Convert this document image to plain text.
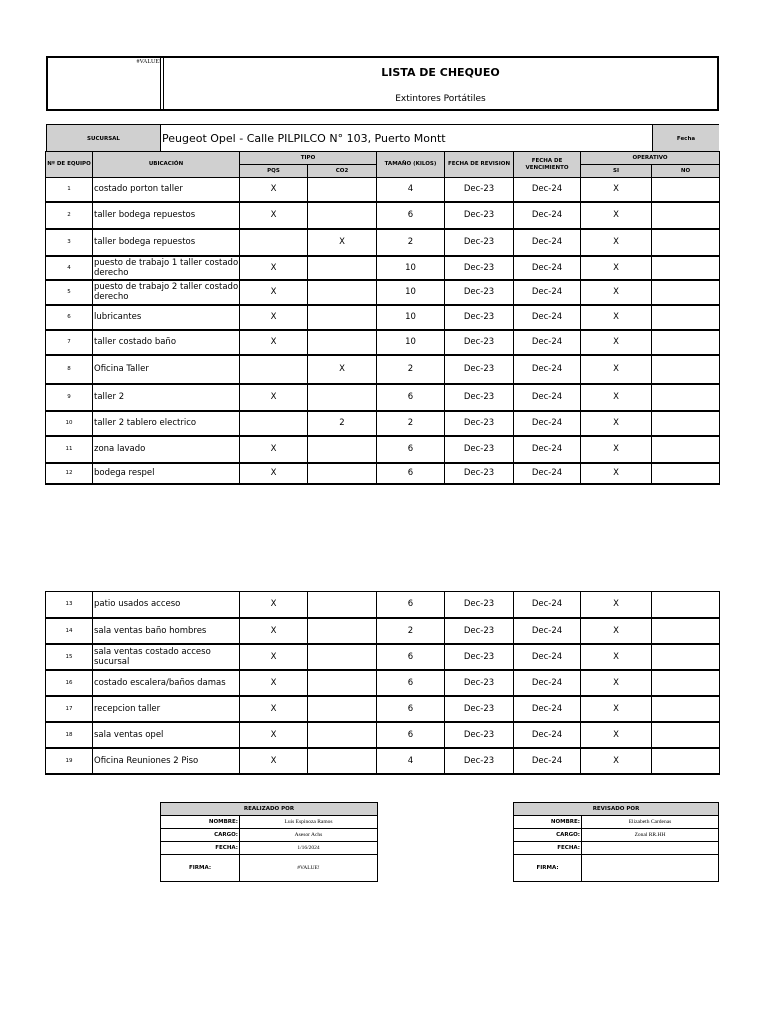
#VALUE!
LISTA DE CHEQUEO
Extintores Portátiles
SUCURSAL	Peugeot Opel - Calle PILPILCO N° 103, Puerto Montt	Fecha
Nº DE EQUIPO	UBICACIÓN	TIPO		TAMAÑO (KILOS)	FECHA DE REVISION	FECHA DE VENCIMIENTO	OPERATIVO	
		PQS	CO2				SI	NO
1	costado porton taller	X		4	Dec-23	Dec-24	X	
2	taller bodega repuestos	X		6	Dec-23	Dec-24	X	
3	taller bodega repuestos		X	2	Dec-23	Dec-24	X	
4	puesto de trabajo 1 taller costado derecho	X		10	Dec-23	Dec-24	X	
5	puesto de trabajo 2 taller costado derecho	X		10	Dec-23	Dec-24	X	
6	lubricantes	X		10	Dec-23	Dec-24	X	
7	taller costado baño	X		10	Dec-23	Dec-24	X	
8	Oficina Taller		X	2	Dec-23	Dec-24	X	
9	taller 2	X		6	Dec-23	Dec-24	X	
10	taller 2 tablero electrico		2	2	Dec-23	Dec-24	X	
11	zona lavado	X		6	Dec-23	Dec-24	X	
12	bodega respel	X		6	Dec-23	Dec-24	X	
13	patio usados acceso	X		6	Dec-23	Dec-24	X	
14	sala ventas baño hombres	X		2	Dec-23	Dec-24	X	
15	sala ventas costado acceso sucursal	X		6	Dec-23	Dec-24	X	
16	costado escalera/baños damas	X		6	Dec-23	Dec-24	X	
17	recepcion taller	X		6	Dec-23	Dec-24	X	
18	sala ventas opel	X		6	Dec-23	Dec-24	X	
19	Oficina Reuniones 2 Piso	X		4	Dec-23	Dec-24	X	
REALIZADO POR	
NOMBRE:	Luis Espinoza Ramos
CARGO:	Asesor Achs
FECHA:	1/16/2024
FIRMA:	#VALUE!
REVISADO POR	
NOMBRE:	Elizabeth Cardenas
CARGO:	Zonal RR.HH
FECHA:	
FIRMA:	
